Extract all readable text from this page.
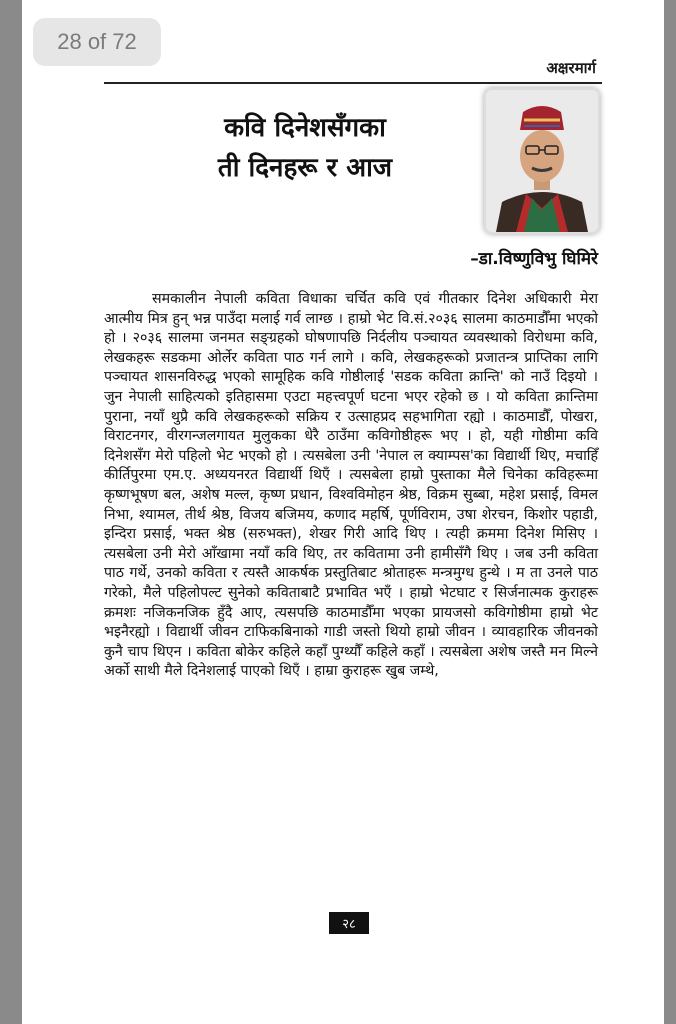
28 of 72
अक्षरमार्ग
कवि दिनेशसँगका
ती दिनहरू र आज
–डा.विष्णुविभु घिमिरे

समकालीन नेपाली कविता विधाका चर्चित कवि एवं गीतकार दिनेश अधिकारी मेरा आत्मीय मित्र हुन् भन्न पाउँदा मलाई गर्व लाग्छ । हाम्रो भेट वि.सं.२०३६ सालमा काठमाडौँमा भएको हो । २०३६ सालमा जनमत सङ्ग्रहको घोषणापछि निर्दलीय पञ्चायत व्यवस्थाको विरोधमा कवि, लेखकहरू सडकमा ओर्लेर कविता पाठ गर्न लागे । कवि, लेखकहरूको प्रजातन्त्र प्राप्तिका लागि पञ्चायत शासनविरुद्ध भएको सामूहिक कवि गोष्ठीलाई 'सडक कविता क्रान्ति' को नाउँ दिइयो । जुन नेपाली साहित्यको इतिहासमा एउटा महत्त्वपूर्ण घटना भएर रहेको छ । यो कविता क्रान्तिमा पुराना, नयाँ थुप्रै कवि लेखकहरूको सक्रिय र उत्साहप्रद सहभागिता रह्यो । काठमाडौँ, पोखरा, विराटनगर, वीरगन्जलगायत मुलुकका धेरै ठाउँमा कविगोष्ठीहरू भए । हो, यही गोष्ठीमा कवि दिनेशसँग मेरो पहिलो भेट भएको हो । त्यसबेला उनी 'नेपाल ल क्याम्पस'का विद्यार्थी थिए, मचाहिँ कीर्तिपुरमा एम.ए. अध्ययनरत विद्यार्थी थिएँ । त्यसबेला हाम्रो पुस्ताका मैले चिनेका कविहरूमा कृष्णभूषण बल, अशेष मल्ल, कृष्ण प्रधान, विश्वविमोहन श्रेष्ठ, विक्रम सुब्बा, महेश प्रसाई, विमल निभा, श्यामल, तीर्थ श्रेष्ठ, विजय बजिमय, कणाद महर्षि, पूर्णविराम, उषा शेरचन, किशोर पहाडी, इन्दिरा प्रसाई, भक्त श्रेष्ठ (सरुभक्त), शेखर गिरी आदि थिए । त्यही क्रममा दिनेश मिसिए । त्यसबेला उनी मेरो आँखामा नयाँ कवि थिए, तर कवितामा उनी हामीसँगै थिए । जब उनी कविता पाठ गर्थे, उनको कविता र त्यस्तै आकर्षक प्रस्तुतिबाट श्रोताहरू मन्त्रमुग्ध हुन्थे । म ता उनले पाठ गरेको, मैले पहिलोपल्ट सुनेको कविताबाटै प्रभावित भएँ । हाम्रो भेटघाट र सिर्जनात्मक कुराहरू क्रमशः नजिकनजिक हुँदै आए, त्यसपछि काठमाडौँमा भएका प्रायजसो कविगोष्ठीमा हाम्रो भेट भइनैरह्यो । विद्यार्थी जीवन टाफिकबिनाको गाडी जस्तो थियो हाम्रो जीवन । व्यावहारिक जीवनको कुनै चाप थिएन । कविता बोकेर कहिले कहाँ पुग्थ्यौँ कहिले कहाँ । त्यसबेला अशेष जस्तै मन मिल्ने अर्को साथी मैले दिनेशलाई पाएको थिएँ । हाम्रा कुराहरू खुब जम्थे,

२८
